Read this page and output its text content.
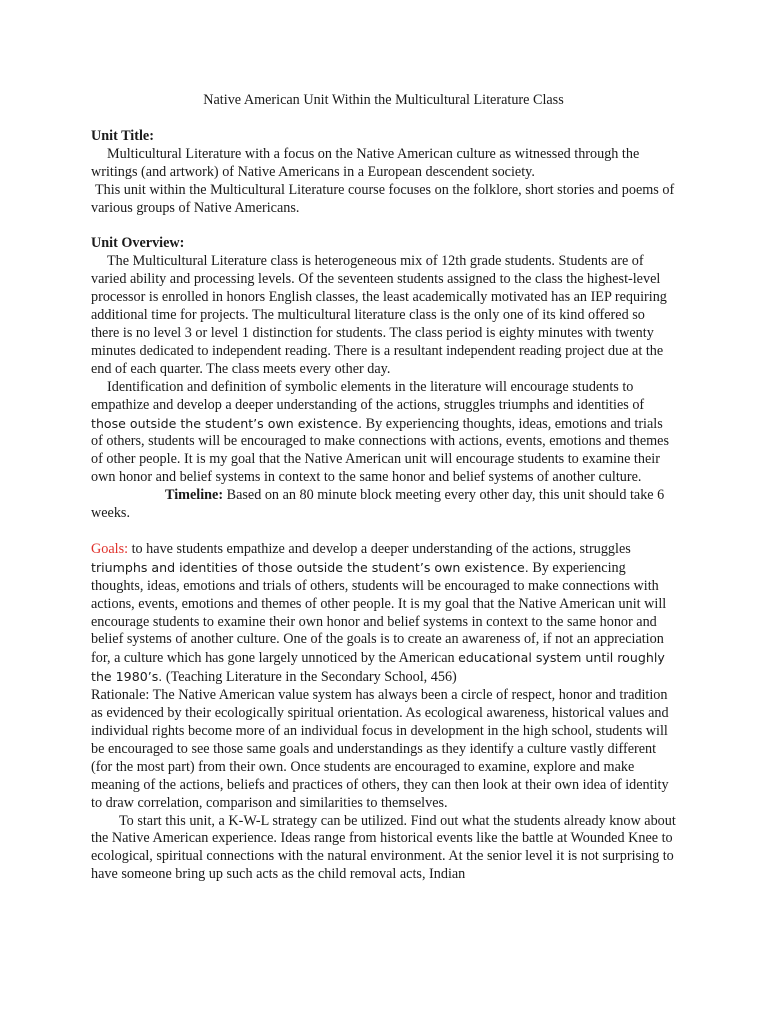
Native American Unit Within the Multicultural Literature Class

Unit Title:

Multicultural Literature with a focus on the Native American culture as witnessed through the writings (and artwork) of Native Americans in a European descendent society.

This unit within the Multicultural Literature course focuses on the folklore, short stories and poems of various groups of Native Americans.

Unit Overview:

The Multicultural Literature class is heterogeneous mix of 12th grade students. Students are of varied ability and processing levels. Of the seventeen students assigned to the class the highest-level processor is enrolled in honors English classes, the least academically motivated has an IEP requiring additional time for projects. The multicultural literature class is the only one of its kind offered so there is no level 3 or level 1 distinction for students. The class period is eighty minutes with twenty minutes dedicated to independent reading. There is a resultant independent reading project due at the end of each quarter. The class meets every other day.

Identification and definition of symbolic elements in the literature will encourage students to empathize and develop a deeper understanding of the actions, struggles triumphs and identities of those outside the student’s own existence. By experiencing thoughts, ideas, emotions and trials of others, students will be encouraged to make connections with actions, events, emotions and themes of other people. It is my goal that the Native American unit will encourage students to examine their own honor and belief systems in context to the same honor and belief systems of another culture.

Timeline: Based on an 80 minute block meeting every other day, this unit should take 6 weeks.

Goals: to have students empathize and develop a deeper understanding of the actions, struggles triumphs and identities of those outside the student’s own existence. By experiencing thoughts, ideas, emotions and trials of others, students will be encouraged to make connections with actions, events, emotions and themes of other people. It is my goal that the Native American unit will encourage students to examine their own honor and belief systems in context to the same honor and belief systems of another culture. One of the goals is to create an awareness of, if not an appreciation for, a culture which has gone largely unnoticed by the American educational system until roughly the 1980’s. (Teaching Literature in the Secondary School, 456)

Rationale: The Native American value system has always been a circle of respect, honor and tradition as evidenced by their ecologically spiritual orientation. As ecological awareness, historical values and individual rights become more of an individual focus in development in the high school, students will be encouraged to see those same goals and understandings as they identify a culture vastly different (for the most part) from their own. Once students are encouraged to examine, explore and make meaning of the actions, beliefs and practices of others, they can then look at their own idea of identity to draw correlation, comparison and similarities to themselves.

To start this unit, a K-W-L strategy can be utilized. Find out what the students already know about the Native American experience. Ideas range from historical events like the battle at Wounded Knee to ecological, spiritual connections with the natural environment. At the senior level it is not surprising to have someone bring up such acts as the child removal acts, Indian
